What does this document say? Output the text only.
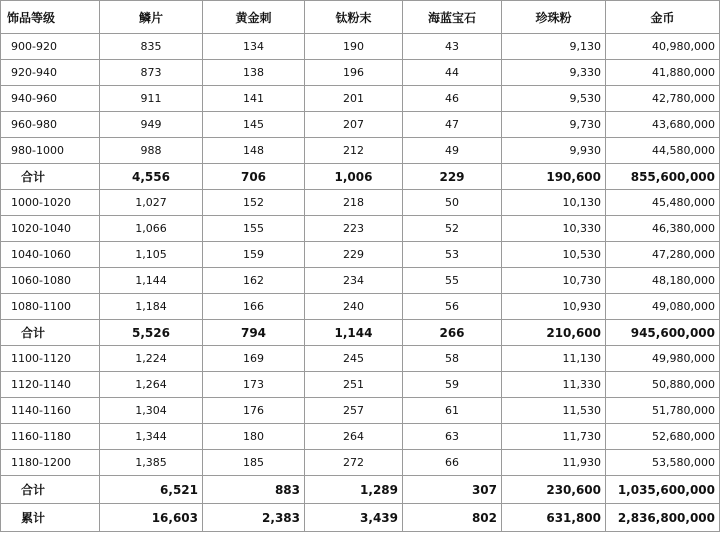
饰品等级	鳞片	黄金刺	钛粉末	海蓝宝石	珍珠粉	金币
900-920	835	134	190	43	9,130	40,980,000
920-940	873	138	196	44	9,330	41,880,000
940-960	911	141	201	46	9,530	42,780,000
960-980	949	145	207	47	9,730	43,680,000
980-1000	988	148	212	49	9,930	44,580,000
合计	4,556	706	1,006	229	190,600	855,600,000
1000-1020	1,027	152	218	50	10,130	45,480,000
1020-1040	1,066	155	223	52	10,330	46,380,000
1040-1060	1,105	159	229	53	10,530	47,280,000
1060-1080	1,144	162	234	55	10,730	48,180,000
1080-1100	1,184	166	240	56	10,930	49,080,000
合计	5,526	794	1,144	266	210,600	945,600,000
1100-1120	1,224	169	245	58	11,130	49,980,000
1120-1140	1,264	173	251	59	11,330	50,880,000
1140-1160	1,304	176	257	61	11,530	51,780,000
1160-1180	1,344	180	264	63	11,730	52,680,000
1180-1200	1,385	185	272	66	11,930	53,580,000
合计	6,521	883	1,289	307	230,600	1,035,600,000
累计	16,603	2,383	3,439	802	631,800	2,836,800,000
